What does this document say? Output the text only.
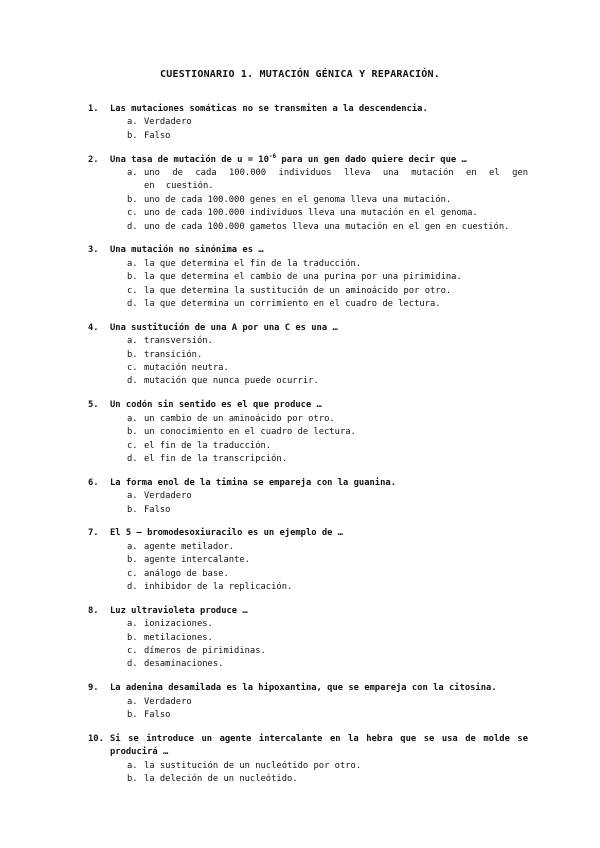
CUESTIONARIO 1. MUTACIÓN GÉNICA Y REPARACIÓN.
1.	Las mutaciones somáticas no se transmiten a la descendencia.
a. Verdadero
b. Falso
2.	Una tasa de mutación de $u = 10^{-6}$ para un gen dado quiere decir que …
a. uno de cada 100.000 individuos lleva una mutación en el gen en cuestión.
b. uno de cada 100.000 genes en el genoma lleva una mutación.
c. uno de cada 100.000 individuos lleva una mutación en el genoma.
d. uno de cada 100.000 gametos lleva una mutación en el gen en cuestión.
3.	Una mutación no sinónima es …
a. la que determina el fin de la traducción.
b. la que determina el cambio de una purina por una pirimidina.
c. la que determina la sustitución de un aminoácido por otro.
d. la que determina un corrimiento en el cuadro de lectura.
4.	Una sustitución de una A por una C es una …
a. transversión.
b. transición.
c. mutación neutra.
d. mutación que nunca puede ocurrir.
5.	Un codón sin sentido es el que produce …
a. un cambio de un aminoácido por otro.
b. un conocimiento en el cuadro de lectura.
c. el fin de la traducción.
d. el fin de la transcripción.
6.	La forma enol de la timina se empareja con la guanina.
a. Verdadero
b. Falso
7.	El 5 – bromodesoxiuracilo es un ejemplo de …
a. agente metilador.
b. agente intercalante.
c. análogo de base.
d. inhibidor de la replicación.
8.	Luz ultravioleta produce …
a. ionizaciones.
b. metilaciones.
c. dímeros de pirimidinas.
d. desaminaciones.
9.	La adenina desamilada es la hipoxantina, que se empareja con la citosina.
a. Verdadero
b. Falso
10. Si se introduce un agente intercalante en la hebra que se usa de molde se producirá …
a. la sustitución de un nucleótido por otro.
b. la deleción de un nucleótido.
